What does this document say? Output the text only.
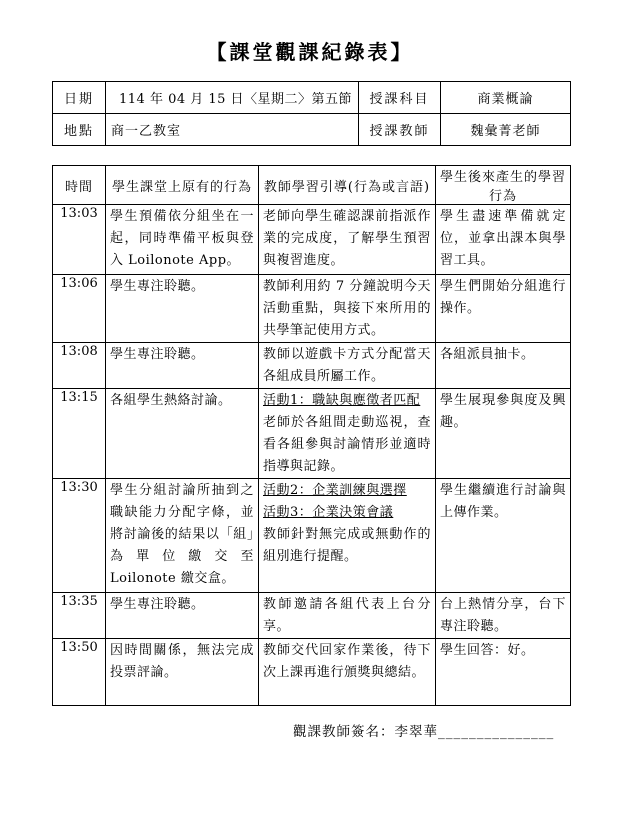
【課堂觀課紀錄表】
日期	114 年 04 月 15 日〈星期二〉第五節	授課科目	商業概論
地點	商一乙教室	授課教師	魏彙菁老師
時間	學生課堂上原有的行為	教師學習引導(行為或言語)	學生後來產生的學習行為
13:03	學生預備依分組坐在一起，同時準備平板與登入 Loilonote App。	老師向學生確認課前指派作業的完成度，了解學生預習與複習進度。	學生盡速準備就定位，並拿出課本與學習工具。
13:06	學生專注聆聽。	教師利用約 7 分鐘說明今天活動重點，與接下來所用的共學筆記使用方式。	學生們開始分組進行操作。
13:08	學生專注聆聽。	教師以遊戲卡方式分配當天各組成員所屬工作。	各組派員抽卡。
13:15	各組學生熱絡討論。	活動1：職缺與應徵者匹配
老師於各組間走動巡視，查看各組參與討論情形並適時指導與記錄。	學生展現參與度及興趣。
13:30	學生分組討論所抽到之職缺能力分配字條，並將討論後的結果以「組」為單位繳交至 Loilonote 繳交盒。	活動2：企業訓練與選擇
活動3：企業決策會議
教師針對無完成或無動作的組別進行提醒。	學生繼續進行討論與上傳作業。
13:35	學生專注聆聽。	教師邀請各組代表上台分享。	台上熱情分享，台下專注聆聽。
13:50	因時間關係，無法完成投票評論。	教師交代回家作業後，待下次上課再進行頒獎與總結。	學生回答：好。
觀課教師簽名：李翠華_______________
